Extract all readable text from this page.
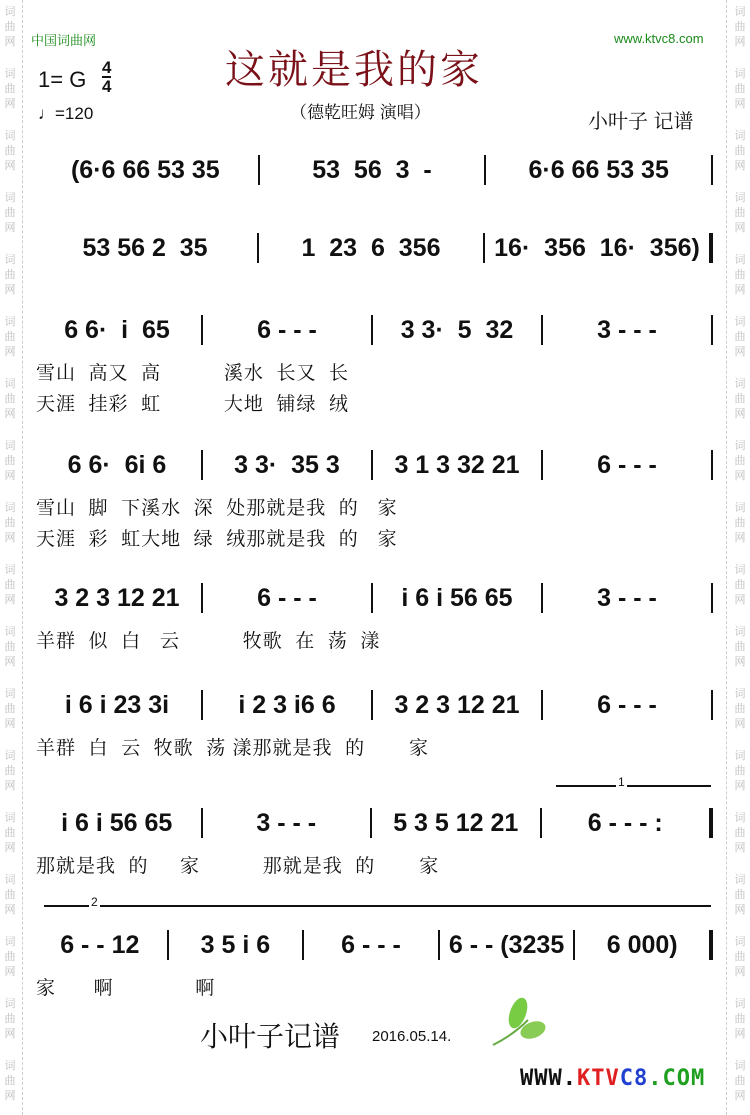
中国词曲网	www.ktvc8.com
这就是我的家
（德乾旺姆 演唱）	小叶子 记谱
1= G 4
4
♩=120
(6·6 66 53 35	53  56  3  -	6·6 66 53 35
53 56 2  35	1  23  6  356	16·  356  16·  356)
6 6·  i  65	6 - - -	3 3·  5  32	3 - - -
雪山  高又  高          溪水  长又  长
天涯  挂彩  虹          大地  铺绿  绒
6 6·  6i 6	3 3·  35 3	3 1 3 32 21	6 - - -
雪山  脚  下溪水  深  处那就是我  的   家
天涯  彩  虹大地  绿  绒那就是我  的   家
3 2 3 12 21	6 - - -	i 6 i 56 65	3 - - -
羊群  似  白   云          牧歌  在  荡  漾
i 6 i 23 3i	i 2 3 i6 6	3 2 3 12 21	6 - - -
羊群  白  云  牧歌  荡 漾那就是我  的       家
i 6 i 56 65	3 - - -	5 3 5 12 21	6 - - - :
那就是我  的     家          那就是我  的       家
6 - - 12	3 5 i 6	6 - - -	6 - - (3235	6 000)
家      啊             啊
1
2
小叶子记谱 2016.05.14.
WWW.KTVC8.COM
词
曲
网
词
曲
网
词
曲
网
词
曲
网
词
曲
网
词
曲
网
词
曲
网
词
曲
网
词
曲
网
词
曲
网
词
曲
网
词
曲
网
词
曲
网
词
曲
网
词
曲
网
词
曲
网
词
曲
网
词
曲
网
词
曲
网
词
曲
网
词
曲
网
词
曲
网
词
曲
网
词
曲
网
词
曲
网
词
曲
网
词
曲
网
词
曲
网
词
曲
网
词
曲
网
词
曲
网
词
曲
网
词
曲
网
词
曲
网
词
曲
网
词
曲
网
